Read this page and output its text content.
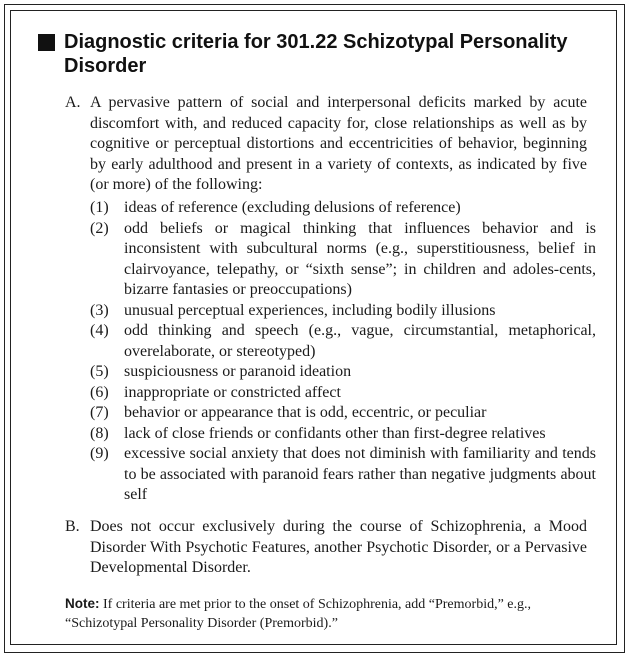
Diagnostic criteria for 301.22 Schizotypal Personality Disorder
A. A pervasive pattern of social and interpersonal deficits marked by acute discomfort with, and reduced capacity for, close relationships as well as by cognitive or perceptual distortions and eccentricities of behavior, beginning by early adulthood and present in a variety of contexts, as indicated by five (or more) of the following:
(1) ideas of reference (excluding delusions of reference)
(2) odd beliefs or magical thinking that influences behavior and is inconsistent with subcultural norms (e.g., superstitiousness, belief in clairvoyance, telepathy, or “sixth sense”; in children and adoles-cents, bizarre fantasies or preoccupations)
(3) unusual perceptual experiences, including bodily illusions
(4) odd thinking and speech (e.g., vague, circumstantial, metaphorical, overelaborate, or stereotyped)
(5) suspiciousness or paranoid ideation
(6) inappropriate or constricted affect
(7) behavior or appearance that is odd, eccentric, or peculiar
(8) lack of close friends or confidants other than first-degree relatives
(9) excessive social anxiety that does not diminish with familiarity and tends to be associated with paranoid fears rather than negative judgments about self
B. Does not occur exclusively during the course of Schizophrenia, a Mood Disorder With Psychotic Features, another Psychotic Disorder, or a Pervasive Developmental Disorder.
Note: If criteria are met prior to the onset of Schizophrenia, add “Premorbid,” e.g., “Schizotypal Personality Disorder (Premorbid).”
